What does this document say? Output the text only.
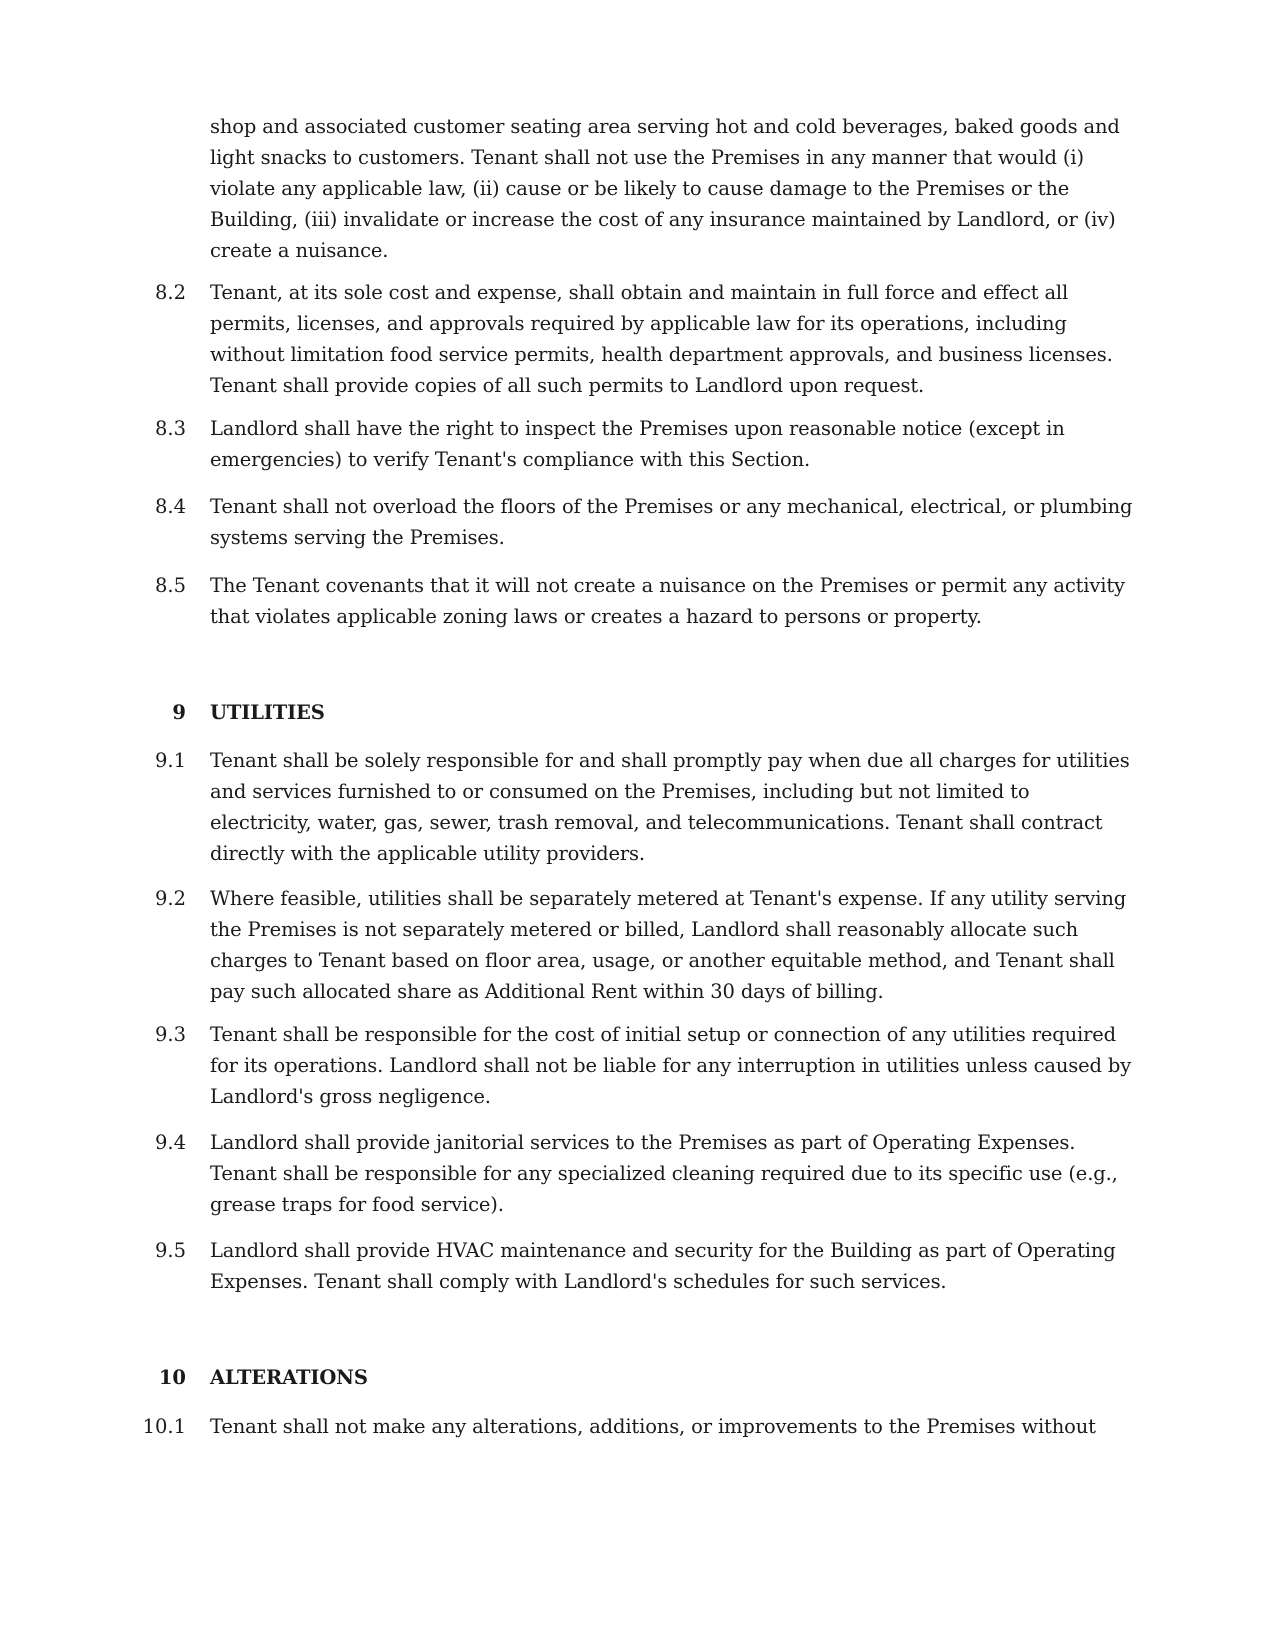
shop and associated customer seating area serving hot and cold beverages, baked goods and
light snacks to customers. Tenant shall not use the Premises in any manner that would (i)
violate any applicable law, (ii) cause or be likely to cause damage to the Premises or the
Building, (iii) invalidate or increase the cost of any insurance maintained by Landlord, or (iv)
create a nuisance.
8.2 Tenant, at its sole cost and expense, shall obtain and maintain in full force and effect all
permits, licenses, and approvals required by applicable law for its operations, including
without limitation food service permits, health department approvals, and business licenses.
Tenant shall provide copies of all such permits to Landlord upon request.
8.3 Landlord shall have the right to inspect the Premises upon reasonable notice (except in
emergencies) to verify Tenant's compliance with this Section.
8.4 Tenant shall not overload the floors of the Premises or any mechanical, electrical, or plumbing
systems serving the Premises.
8.5 The Tenant covenants that it will not create a nuisance on the Premises or permit any activity
that violates applicable zoning laws or creates a hazard to persons or property.
9 UTILITIES
9.1 Tenant shall be solely responsible for and shall promptly pay when due all charges for utilities
and services furnished to or consumed on the Premises, including but not limited to
electricity, water, gas, sewer, trash removal, and telecommunications. Tenant shall contract
directly with the applicable utility providers.
9.2 Where feasible, utilities shall be separately metered at Tenant's expense. If any utility serving
the Premises is not separately metered or billed, Landlord shall reasonably allocate such
charges to Tenant based on floor area, usage, or another equitable method, and Tenant shall
pay such allocated share as Additional Rent within 30 days of billing.
9.3 Tenant shall be responsible for the cost of initial setup or connection of any utilities required
for its operations. Landlord shall not be liable for any interruption in utilities unless caused by
Landlord's gross negligence.
9.4 Landlord shall provide janitorial services to the Premises as part of Operating Expenses.
Tenant shall be responsible for any specialized cleaning required due to its specific use (e.g.,
grease traps for food service).
9.5 Landlord shall provide HVAC maintenance and security for the Building as part of Operating
Expenses. Tenant shall comply with Landlord's schedules for such services.
10 ALTERATIONS
10.1 Tenant shall not make any alterations, additions, or improvements to the Premises without
